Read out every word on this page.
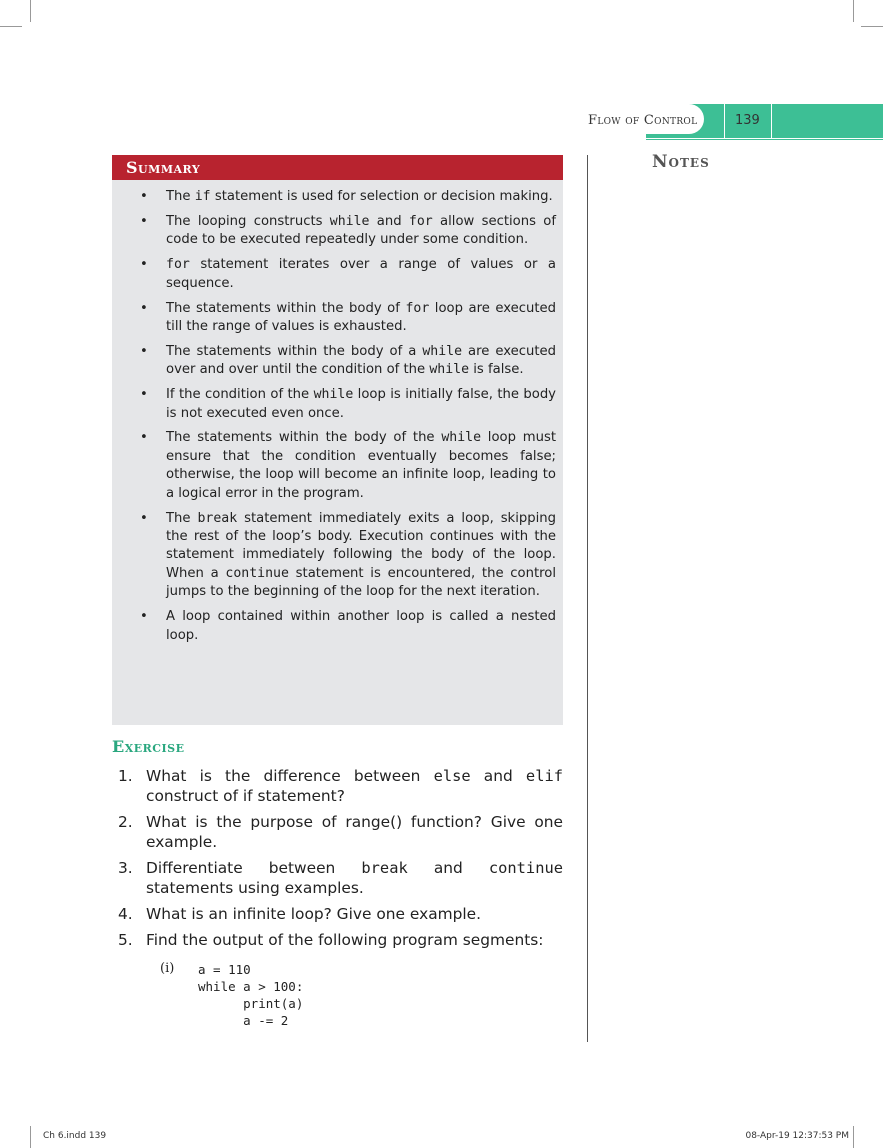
Flow of Control	139
Notes
Summary
• The if statement is used for selection or decision making.
• The looping constructs while and for allow sections of code to be executed repeatedly under some condition.
• for statement iterates over a range of values or a sequence.
• The statements within the body of for loop are executed till the range of values is exhausted.
• The statements within the body of a while are executed over and over until the condition of the while is false.
• If the condition of the while loop is initially false, the body is not executed even once.
• The statements within the body of the while loop must ensure that the condition eventually becomes false; otherwise, the loop will become an infinite loop, leading to a logical error in the program.
• The break statement immediately exits a loop, skipping the rest of the loop’s body. Execution continues with the statement immediately following the body of the loop. When a continue statement is encountered, the control jumps to the beginning of the loop for the next iteration.
• A loop contained within another loop is called a nested loop.
Exercise
1. What is the difference between else and elif construct of if statement?
2. What is the purpose of range() function? Give one example.
3. Differentiate between break and continue statements using examples.
4. What is an infinite loop? Give one example.
5. Find the output of the following program segments:
(i) a = 110
while a > 100:
print(a)
a -= 2
Ch 6.indd 139	08-Apr-19 12:37:53 PM
